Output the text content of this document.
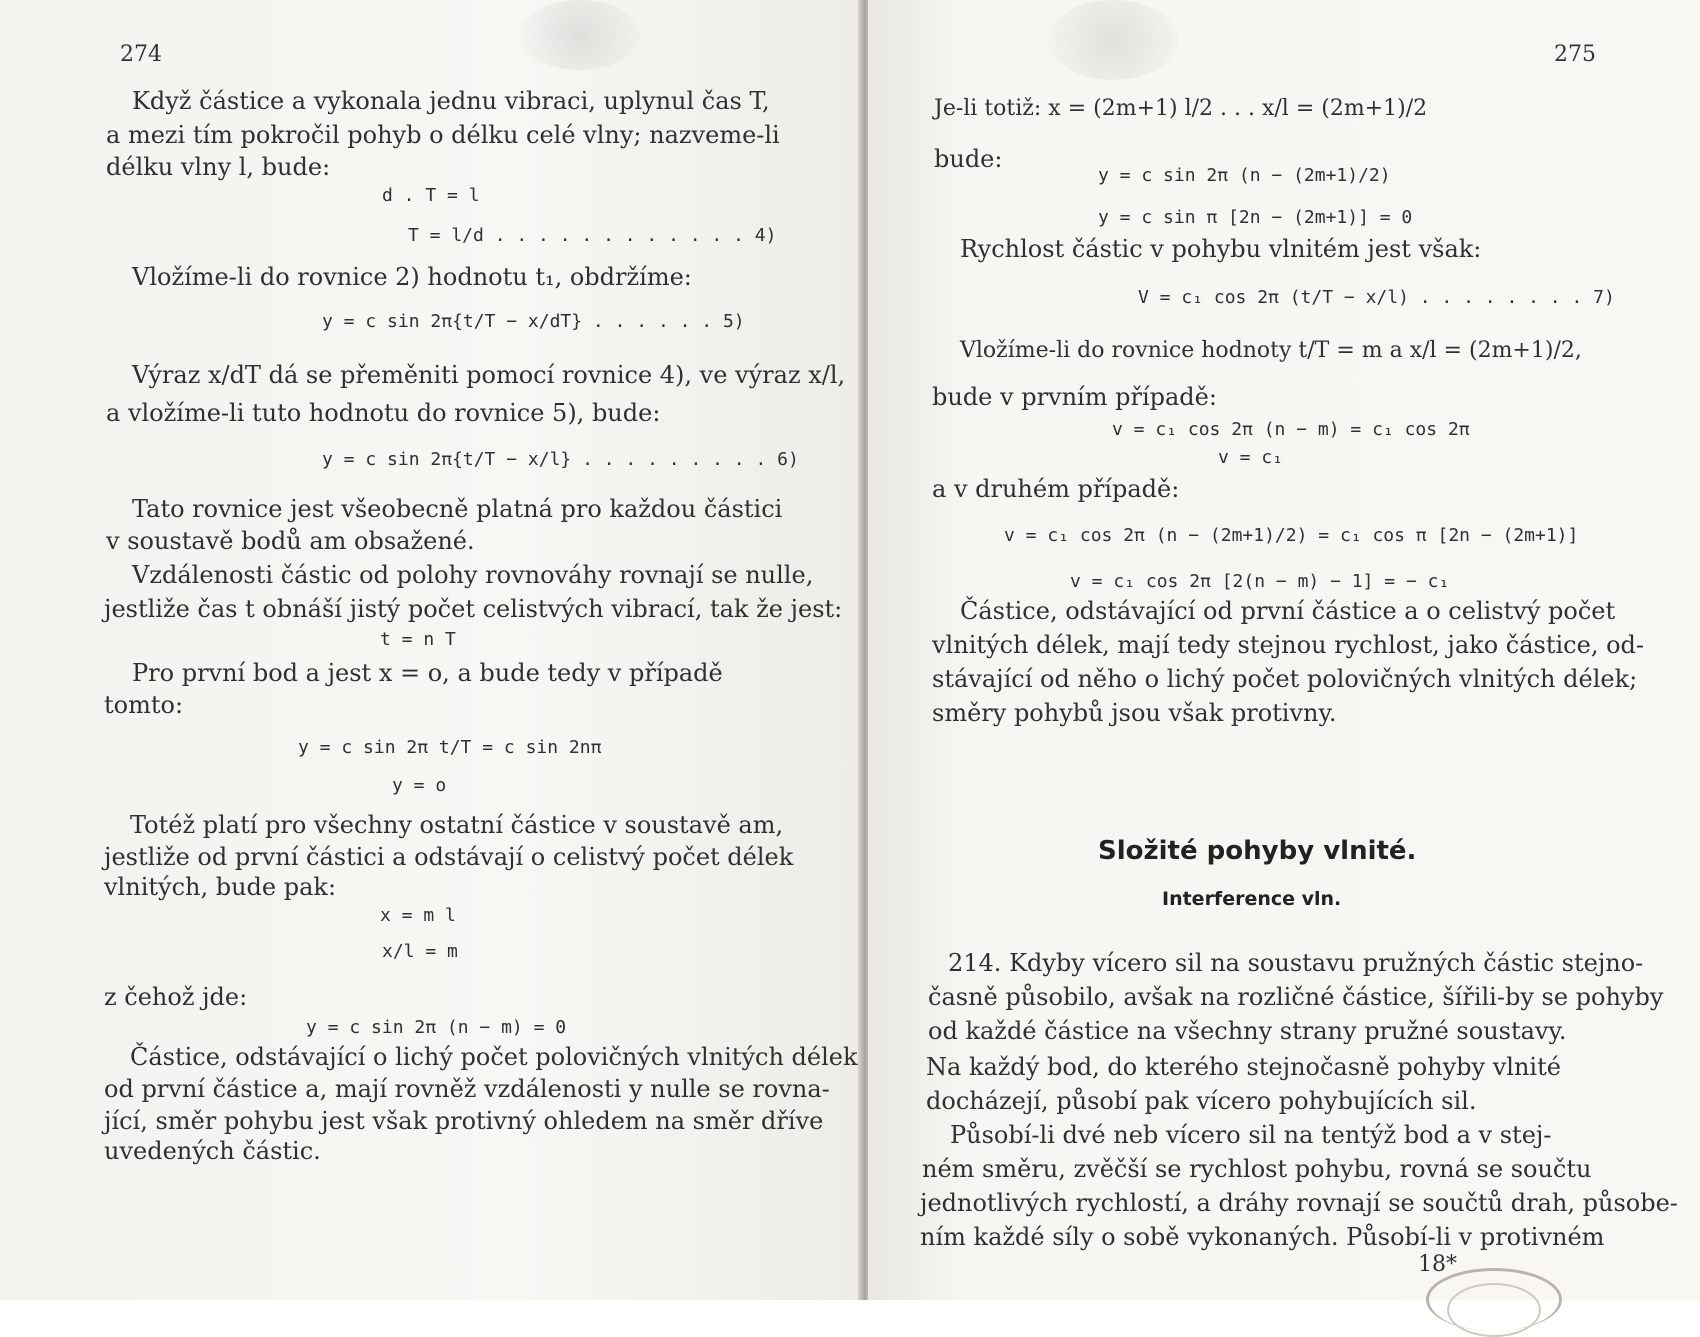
274
Když částice a vykonala jednu vibraci, uplynul čas T,
a mezi tím pokročil pohyb o délku celé vlny; nazveme-li
délku vlny l, bude:
d . T = l
T = l/d . . . . . . . . . . . . 4)
Vložíme-li do rovnice 2) hodnotu t₁, obdržíme:
y = c sin 2π{t/T − x/dT} . . . . . . 5)
Výraz x/dT dá se přeměniti pomocí rovnice 4), ve výraz x/l,
a vložíme-li tuto hodnotu do rovnice 5), bude:
y = c sin 2π{t/T − x/l} . . . . . . . . . 6)
Tato rovnice jest všeobecně platná pro každou částici
v soustavě bodů am obsažené.
Vzdálenosti částic od polohy rovnováhy rovnají se nulle,
jestliže čas t obnáší jistý počet celistvých vibrací, tak že jest:
t = n T
Pro první bod a jest x = o, a bude tedy v případě
tomto:
y = c sin 2π t/T = c sin 2nπ
y = o
Totéž platí pro všechny ostatní částice v soustavě am,
jestliže od první částici a odstávají o celistvý počet délek
vlnitých, bude pak:
x = m l
x/l = m
z čehož jde:
y = c sin 2π (n − m) = 0
Částice, odstávající o lichý počet polovičných vlnitých délek
od první částice a, mají rovněž vzdálenosti y nulle se rovna-
jící, směr pohybu jest však protivný ohledem na směr dříve
uvedených částic.
275
Je-li totiž: x = (2m+1) l/2 . . . x/l = (2m+1)/2
bude:
y = c sin 2π (n − (2m+1)/2)
y = c sin π [2n − (2m+1)] = 0
Rychlost částic v pohybu vlnitém jest však:
V = c₁ cos 2π (t/T − x/l) . . . . . . . . 7)
Vložíme-li do rovnice hodnoty t/T = m a x/l = (2m+1)/2,
bude v prvním případě:
v = c₁ cos 2π (n − m) = c₁ cos 2π
v = c₁
a v druhém případě:
v = c₁ cos 2π (n − (2m+1)/2) = c₁ cos π [2n − (2m+1)]
v = c₁ cos 2π [2(n − m) − 1] = − c₁
Částice, odstávající od první částice a o celistvý počet
vlnitých délek, mají tedy stejnou rychlost, jako částice, od-
stávající od něho o lichý počet polovičných vlnitých délek;
směry pohybů jsou však protivny.
Složité pohyby vlnité.
Interference vln.
214. Kdyby vícero sil na soustavu pružných částic stejno-
časně působilo, avšak na rozličné částice, šířili-by se pohyby
od každé částice na všechny strany pružné soustavy.
Na každý bod, do kterého stejnočasně pohyby vlnité
docházejí, působí pak vícero pohybujících sil.
Působí-li dvé neb vícero sil na tentýž bod a v stej-
ném směru, zvěčší se rychlost pohybu, rovná se součtu
jednotlivých rychlostí, a dráhy rovnají se součtů drah, působe-
ním každé síly o sobě vykonaných. Působí-li v protivném
18*
